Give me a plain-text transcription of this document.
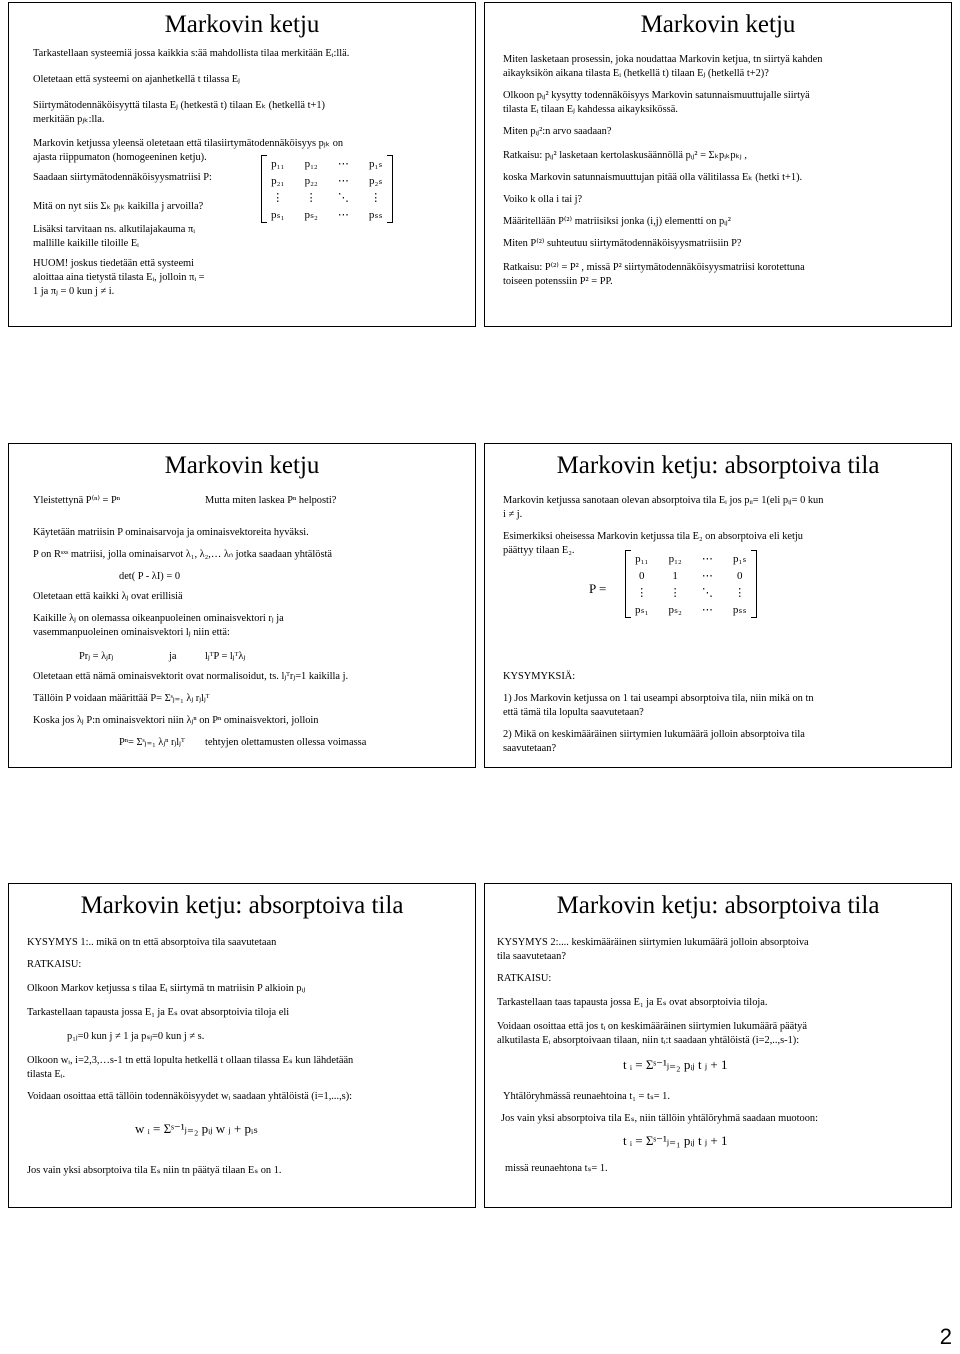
Markovin ketju
Tarkastellaan systeemiä jossa kaikkia s:ää mahdollista tilaa merkitään Eᵢ:llä.
Oletetaan että systeemi on ajanhetkellä t tilassa Eⱼ
Siirtymätodennäköisyyttä tilasta Eⱼ (hetkestä t) tilaan Eₖ (hetkellä t+1)
merkitään pⱼₖ:lla.
Markovin ketjussa yleensä oletetaan että tilasiirtymätodennäköisyys pⱼₖ on
ajasta riippumaton (homogeeninen ketju).
Saadaan siirtymätodennäköisyysmatriisi P:
Mitä on nyt siis Σₖ pⱼₖ kaikilla j arvoilla?
Lisäksi tarvitaan ns. alkutilajakauma πᵢ
mallille kaikille tiloille Eᵢ
HUOM! joskus tiedetään että systeemi
aloittaa aina tietystä tilasta Eᵢ, jolloin πᵢ =
1 ja πⱼ = 0 kun j ≠ i.
p₁₁	p₁₂	⋯	p₁ₛ
p₂₁	p₂₂	⋯	p₂ₛ
⋮	⋮	⋱	⋮
pₛ₁	pₛ₂	⋯	pₛₛ
Markovin ketju
Miten lasketaan prosessin, joka noudattaa Markovin ketjua, tn siirtyä kahden
aikayksikön aikana tilasta Eᵢ (hetkellä t) tilaan Eⱼ (hetkellä t+2)?
Olkoon pᵢⱼ² kysytty todennäköisyys Markovin satunnaismuuttujalle siirtyä
tilasta Eᵢ tilaan Eⱼ kahdessa aikayksikössä.
Miten pᵢⱼ²:n arvo saadaan?
Ratkaisu: pᵢⱼ² lasketaan kertolaskusäännöllä pᵢⱼ² = Σₖpᵢₖpₖⱼ ,
koska Markovin satunnaismuuttujan pitää olla välitilassa Eₖ (hetki t+1).
Voiko k olla i tai j?
Määritellään P⁽²⁾ matriisiksi jonka (i,j) elementti on pᵢⱼ²
Miten P⁽²⁾ suhteutuu siirtymätodennäköisyysmatriisiin P?
Ratkaisu: P⁽²⁾ = P² , missä P² siirtymätodennäköisyysmatriisi korotettuna
toiseen potenssiin P² = PP.
Markovin ketju
Yleistettynä P⁽ⁿ⁾ = Pⁿ	Mutta miten laskea Pⁿ helposti?
Käytetään matriisin P ominaisarvoja ja ominaisvektoreita hyväksi.
P on Rˢˣˢ matriisi, jolla ominaisarvot λ₁, λ₂,… λₙ jotka saadaan yhtälöstä
det( P - λI) = 0
Oletetaan että kaikki λⱼ ovat erillisiä
Kaikille λⱼ on olemassa oikeanpuoleinen ominaisvektori rⱼ ja
vasemmanpuoleinen ominaisvektori lⱼ niin että:
Prⱼ = λⱼrⱼ	ja	lⱼᵀP = lⱼᵀλⱼ
Oletetaan että nämä ominaisvektorit ovat normalisoidut, ts. lⱼᵀrⱼ=1 kaikilla j.
Tällöin P voidaan määrittää P= Σˢⱼ₌₁ λⱼ rⱼlⱼᵀ
Koska jos λⱼ P:n ominaisvektori niin λⱼⁿ on Pⁿ ominaisvektori, jolloin
Pⁿ= Σˢⱼ₌₁ λⱼⁿ rⱼlⱼᵀ tehtyjen olettamusten ollessa voimassa
Markovin ketju: absorptoiva tila
Markovin ketjussa sanotaan olevan absorptoiva tila Eᵢ jos pᵢᵢ= 1(eli pᵢⱼ= 0 kun
i ≠ j.
Esimerkiksi oheisessa Markovin ketjussa tila E₂ on absorptoiva eli ketju
päättyy tilaan E₂.
P =
KYSYMYKSIÄ:
1) Jos Markovin ketjussa on 1 tai useampi absorptoiva tila, niin mikä on tn
että tämä tila lopulta saavutetaan?
2) Mikä on keskimääräinen siirtymien lukumäärä jolloin absorptoiva tila
saavutetaan?
p₁₁	p₁₂	⋯	p₁ₛ
0	1	⋯	0
⋮	⋮	⋱	⋮
pₛ₁	pₛ₂	⋯	pₛₛ
Markovin ketju: absorptoiva tila
KYSYMYS 1:.. mikä on tn että absorptoiva tila saavutetaan
RATKAISU:
Olkoon Markov ketjussa s tilaa Eᵢ siirtymä tn matriisin P alkioin pᵢⱼ
Tarkastellaan tapausta jossa E₁ ja Eₛ ovat absorptoivia tiloja eli
p₁ⱼ=0 kun j ≠ 1 ja pₛⱼ=0 kun j ≠ s.
Olkoon wᵢ, i=2,3,…s-1 tn että lopulta hetkellä t ollaan tilassa Eₛ kun lähdetään
tilasta Eᵢ.
Voidaan osoittaa että tällöin todennäköisyydet wᵢ saadaan yhtälöistä (i=1,...,s):
w ᵢ = Σˢ⁻¹ⱼ₌₂ pᵢⱼ w ⱼ + pᵢₛ
Jos vain yksi absorptoiva tila Eₛ niin tn päätyä tilaan Eₛ on 1.
Markovin ketju: absorptoiva tila
KYSYMYS 2:.... keskimääräinen siirtymien lukumäärä jolloin absorptoiva
tila saavutetaan?
RATKAISU:
Tarkastellaan taas tapausta jossa E₁ ja Eₛ ovat absorptoivia tiloja.
Voidaan osoittaa että jos tᵢ on keskimääräinen siirtymien lukumäärä päätyä
alkutilasta Eᵢ absorptoivaan tilaan, niin tᵢ:t saadaan yhtälöistä (i=2,..,s-1):
t ᵢ = Σˢ⁻¹ⱼ₌₂ pᵢⱼ t ⱼ + 1
Yhtälöryhmässä reunaehtoina t₁ = tₛ= 1.
Jos vain yksi absorptoiva tila Eₛ, niin tällöin yhtälöryhmä saadaan muotoon:
t ᵢ = Σˢ⁻¹ⱼ₌₁ pᵢⱼ t ⱼ + 1
missä reunaehtona tₛ= 1.
2
